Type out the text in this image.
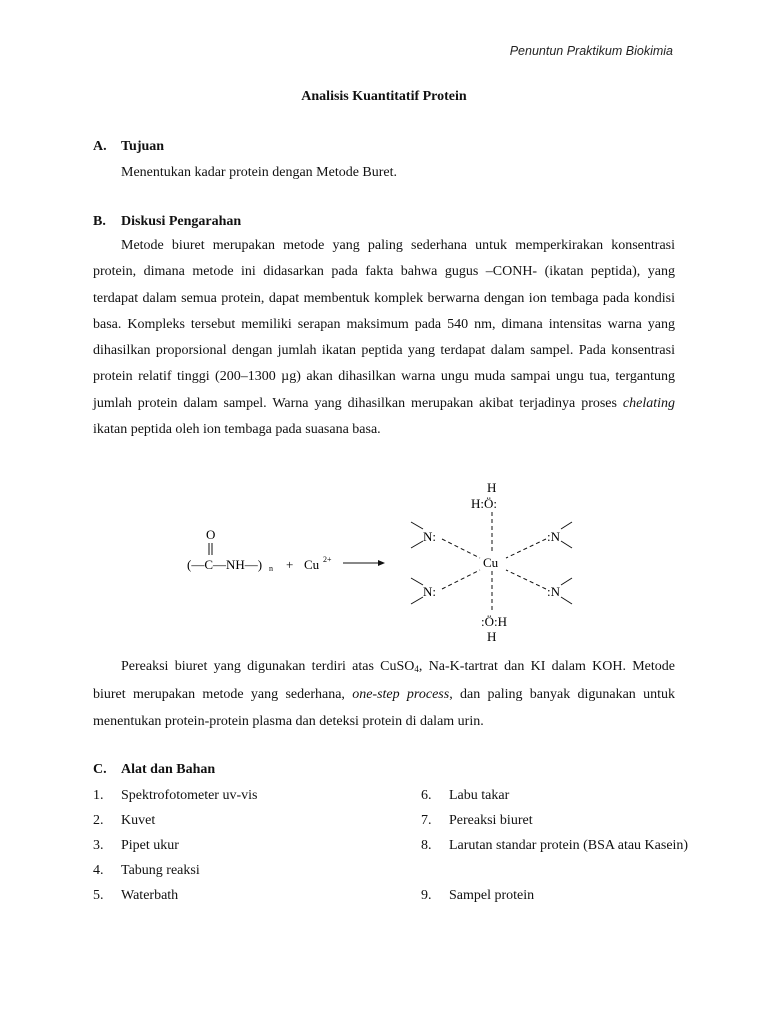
Penuntun Praktikum Biokimia
Analisis Kuantitatif Protein
A. Tujuan
Menentukan kadar protein dengan Metode Buret.
B. Diskusi Pengarahan

Metode biuret merupakan metode yang paling sederhana untuk memperkirakan konsentrasi protein, dimana metode ini didasarkan pada fakta bahwa gugus –CONH- (ikatan peptida), yang terdapat dalam semua protein, dapat membentuk komplek berwarna dengan ion tembaga pada kondisi basa. Kompleks tersebut memiliki serapan maksimum pada 540 nm, dimana intensitas warna yang dihasilkan proporsional dengan jumlah ikatan peptida yang terdapat dalam sampel. Pada konsentrasi protein relatif tinggi (200–1300 µg) akan dihasilkan warna ungu muda sampai ungu tua, tergantung jumlah protein dalam sampel. Warna yang dihasilkan merupakan akibat terjadinya proses chelating ikatan peptida oleh ion tembaga pada suasana basa.

O
(—C—NH—) n + Cu 2+
H
H:Ö:
Cu
:Ö:H
H
N:	:N
N:	:N

Pereaksi biuret yang digunakan terdiri atas CuSO$_4$, Na-K-tartrat dan KI dalam KOH. Metode biuret merupakan metode yang sederhana, one-step process, dan paling banyak digunakan untuk menentukan protein-protein plasma dan deteksi protein di dalam urin.

C. Alat dan Bahan
1. Spektrofotometer uv-vis
2. Kuvet
3. Pipet ukur
4. Tabung reaksi
5. Waterbath
6. Labu takar
7. Pereaksi biuret
8. Larutan standar protein (BSA atau Kasein)
9. Sampel protein
